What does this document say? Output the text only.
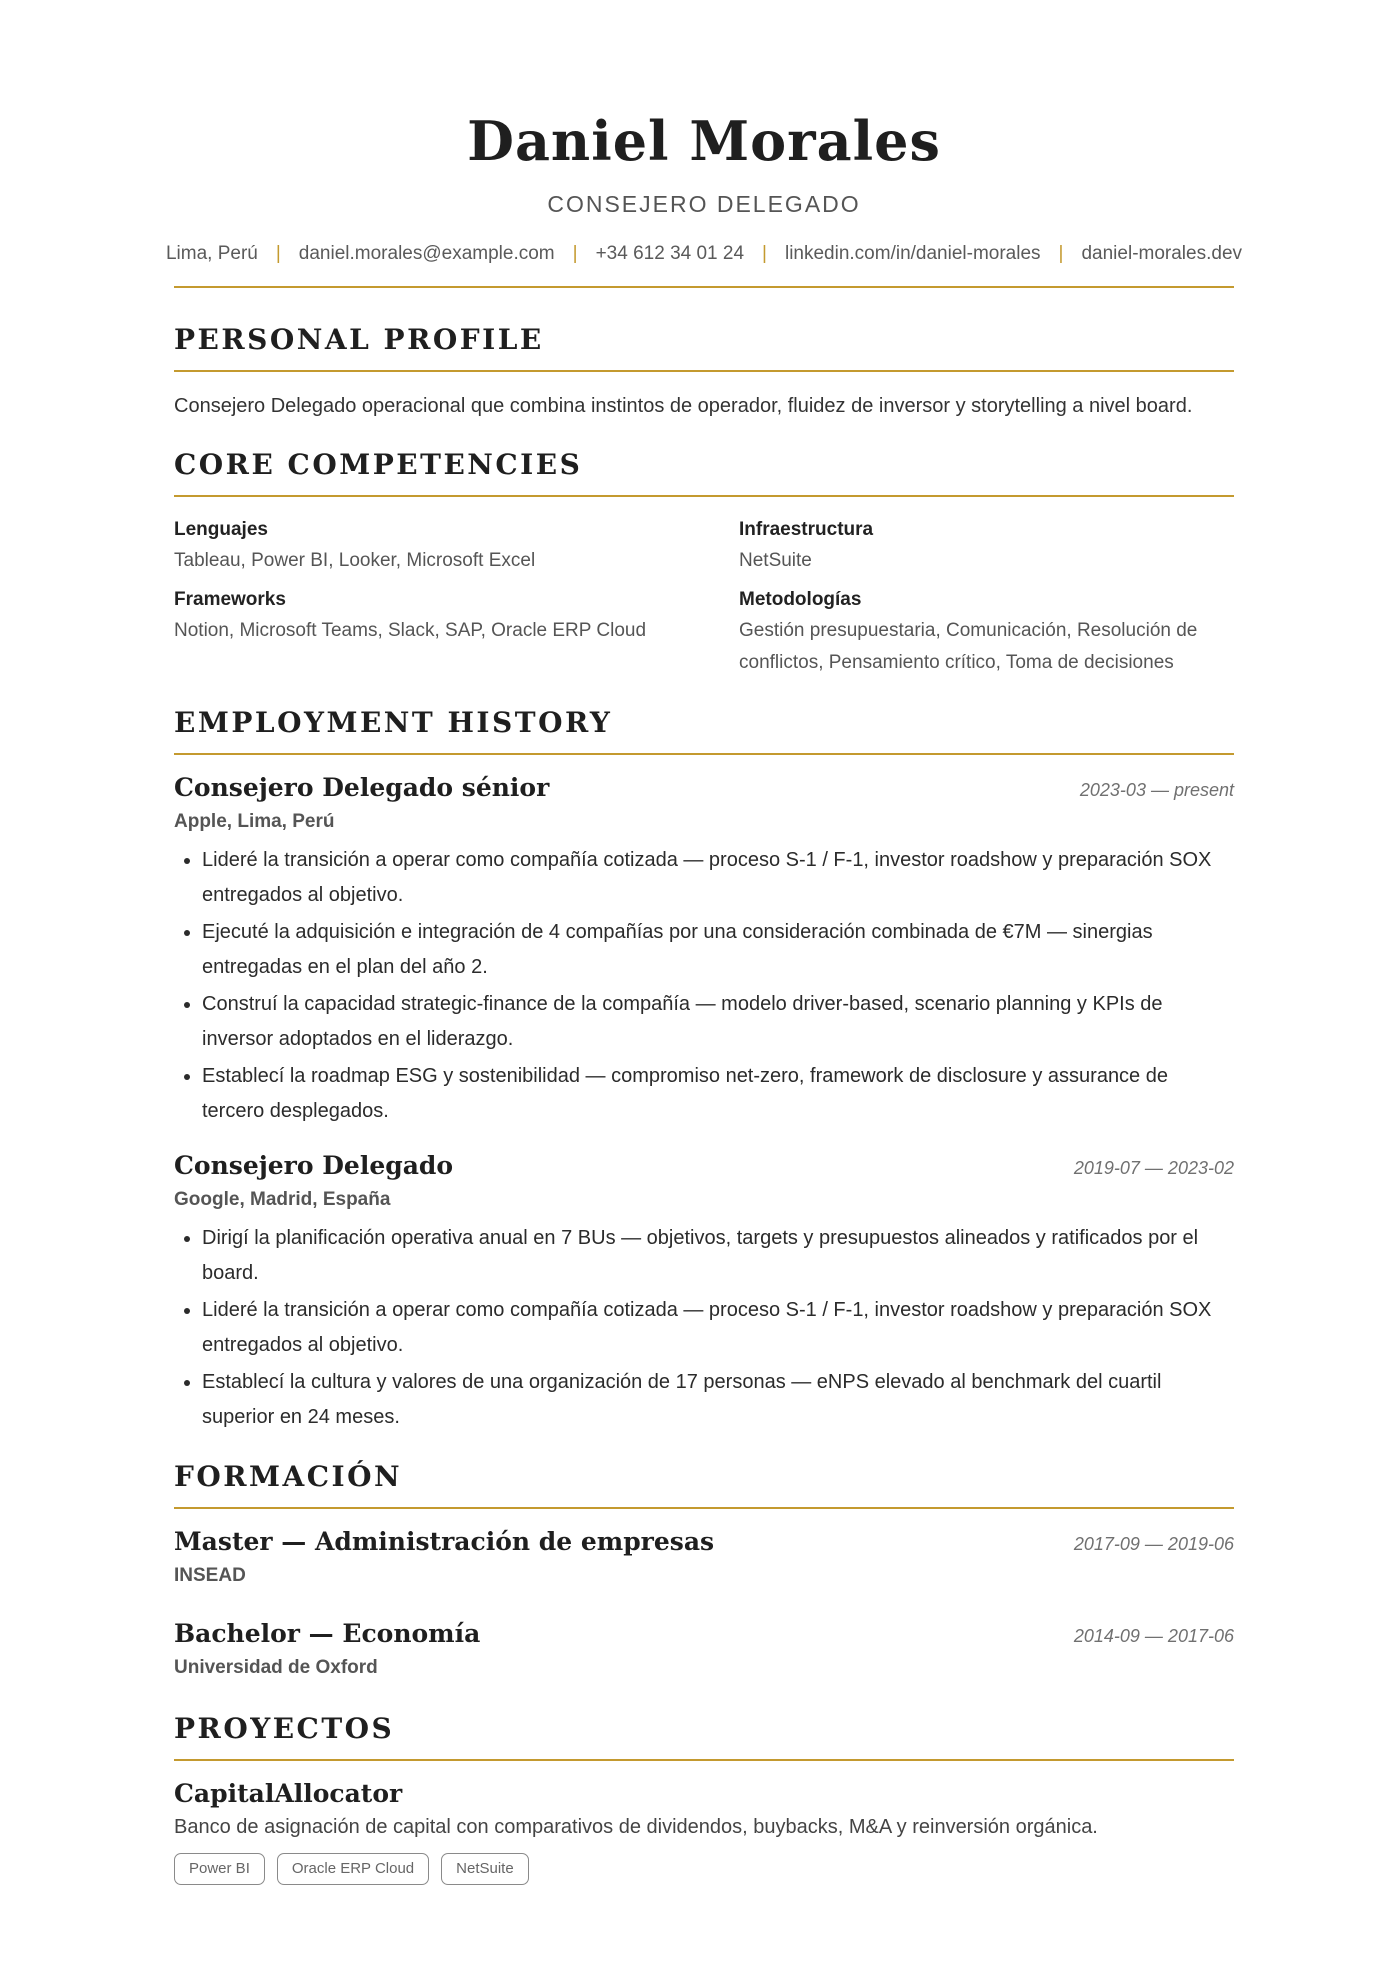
Daniel Morales
CONSEJERO DELEGADO
Lima, Perú | daniel.morales@example.com | +34 612 34 01 24 | linkedin.com/in/daniel-morales | daniel-morales.dev
PERSONAL PROFILE
Consejero Delegado operacional que combina instintos de operador, fluidez de inversor y storytelling a nivel board.
CORE COMPETENCIES
Lenguajes
Tableau, Power BI, Looker, Microsoft Excel
Infraestructura
NetSuite
Frameworks
Notion, Microsoft Teams, Slack, SAP, Oracle ERP Cloud
Metodologías
Gestión presupuestaria, Comunicación, Resolución de conflictos, Pensamiento crítico, Toma de decisiones
EMPLOYMENT HISTORY
Consejero Delegado sénior	2023-03 — present
Apple, Lima, Perú
• Lideré la transición a operar como compañía cotizada — proceso S-1 / F-1, investor roadshow y preparación SOX entregados al objetivo.
• Ejecuté la adquisición e integración de 4 compañías por una consideración combinada de €7M — sinergias entregadas en el plan del año 2.
• Construí la capacidad strategic-finance de la compañía — modelo driver-based, scenario planning y KPIs de inversor adoptados en el liderazgo.
• Establecí la roadmap ESG y sostenibilidad — compromiso net-zero, framework de disclosure y assurance de tercero desplegados.
Consejero Delegado	2019-07 — 2023-02
Google, Madrid, España
• Dirigí la planificación operativa anual en 7 BUs — objetivos, targets y presupuestos alineados y ratificados por el board.
• Lideré la transición a operar como compañía cotizada — proceso S-1 / F-1, investor roadshow y preparación SOX entregados al objetivo.
• Establecí la cultura y valores de una organización de 17 personas — eNPS elevado al benchmark del cuartil superior en 24 meses.
FORMACIÓN
Master — Administración de empresas	2017-09 — 2019-06
INSEAD
Bachelor — Economía	2014-09 — 2017-06
Universidad de Oxford
PROYECTOS
CapitalAllocator
Banco de asignación de capital con comparativos de dividendos, buybacks, M&A y reinversión orgánica.
Power BI	Oracle ERP Cloud	NetSuite
